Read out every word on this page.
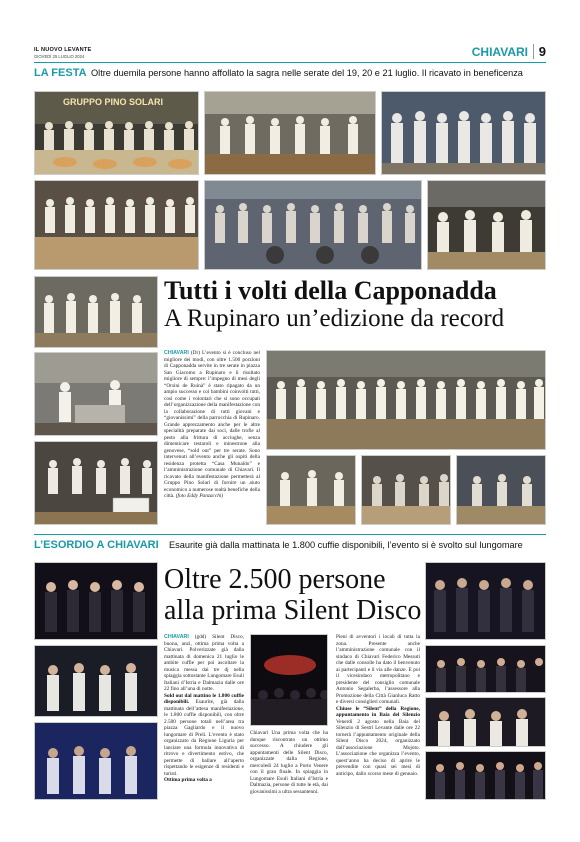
IL NUOVO LEVANTE
GIOVEDÌ 25 LUGLIO 2024	CHIAVARI 9
LA FESTA Oltre duemila persone hanno affollato la sagra nelle serate del 19, 20 e 21 luglio. Il ricavato in beneficenza
GRUPPO PINO SOLARI
Tutti i volti della Capponadda
A Rupinaro un’edizione da record
CHIAVARI (Dr) L’evento si è concluso nel migliore dei modi, con oltre 1.500 porzioni di Capponadda servite in tre serate in piazza San Giacomo a Rupinaro e il risultato migliore di sempre: l’impegno di mesi degli “Orsini de Ruinà” è stato ripagato da un ampio successo e coi bambini coinvolti tutti, così come i volontari che si sono occupati dell’organizzazione della manifestazione con la collaborazione di tutti giovani e “giovanissimi” della parrocchia di Rupinaro. Grande apprezzamento anche per le altre specialità preparate dai soci, dalle trofie al pesto alla frittura di acciughe, senza dimenticare testaroli e minestrone alla genovese, “sold out” per tre serate. Sono intervenuti all’evento anche gli ospiti della residenza protetta “Casa Munaldo” e l’amministrazione comunale di Chiavari. Il ricavato della manifestazione permetterà al Gruppo Pino Solari di fornire un aiuto economico a numerose realtà benefiche della città. (foto Eddy Panzacchi)
L’ESORDIO A CHIAVARI Esaurite già dalla mattinata le 1.800 cuffie disponibili, l’evento si è svolto sul lungomare
Oltre 2.500 persone
alla prima Silent Disco
CHIAVARI (gdd) Silent Disco, buona, anzi, ottima prima volta a Chiavari. Polverizzate già dalla mattinata di domenica 21 luglio le ambite cuffie per poi ascoltare la musica messa dai tre dj nella spiaggia sottostante Lungomare Esuli Italiani d’Istria e Dalmazia dalle ore 22 fino all’una di notte.
Sold out dal mattino le 1.800 cuffie disponibili. Esaurite, già dalla mattinata dell’attesa manifestazione, le 1.800 cuffie disponibili, con oltre 2.500 persone totali nell’area tra piazza Gagliardo e il nuovo lungomare di Preli. L’evento è stato organizzato da Regione Liguria per lanciare una formula innovativa di ritrovo e divertimento estivo, che permette di ballare all’aperto rispettando le esigenze di residenti e turisti.
Ottima prima volta a
Chiavari Una prima volta che ha dunque riscontrato un ottimo successo. A chiudere gli appuntamenti delle Silent Disco, organizzate dalla Regione, mercoledì 24 luglio a Porto Venere con il gran finale. In spiaggia in Lungomare Esuli Italiani d’Istria e Dalmazia, persone di tutte le età, dai giovanissimi a ultra sessantenni.
Pieni di avventori i locali di tutta la zona. Presente anche l’amministrazione comunale con il sindaco di Chiavari Federico Messuti che dalle consolle ha dato il benvenuto ai partecipanti e il via alle danze. E poi il vicesindaco metropolitano e presidente del consiglio comunale Antonio Segalerba, l’assessore alla Promozione della Città Gianluca Ratto e diversi consiglieri comunali.
Chiuse le “Silent” della Regione, appuntamento in Baia del Silenzio Venerdì 2 agosto nella Baia del Silenzio di Sestri Levante dalle ore 22 tornerà l’appuntamento originale della Silent Disco 2024, organizzato dall’associazione Mojoto. L’associazione che organizza l’evento, quest’anno ha deciso di aprire le prevendite con quasi sei mesi di anticipo, dallo scorso mese di gennaio.
